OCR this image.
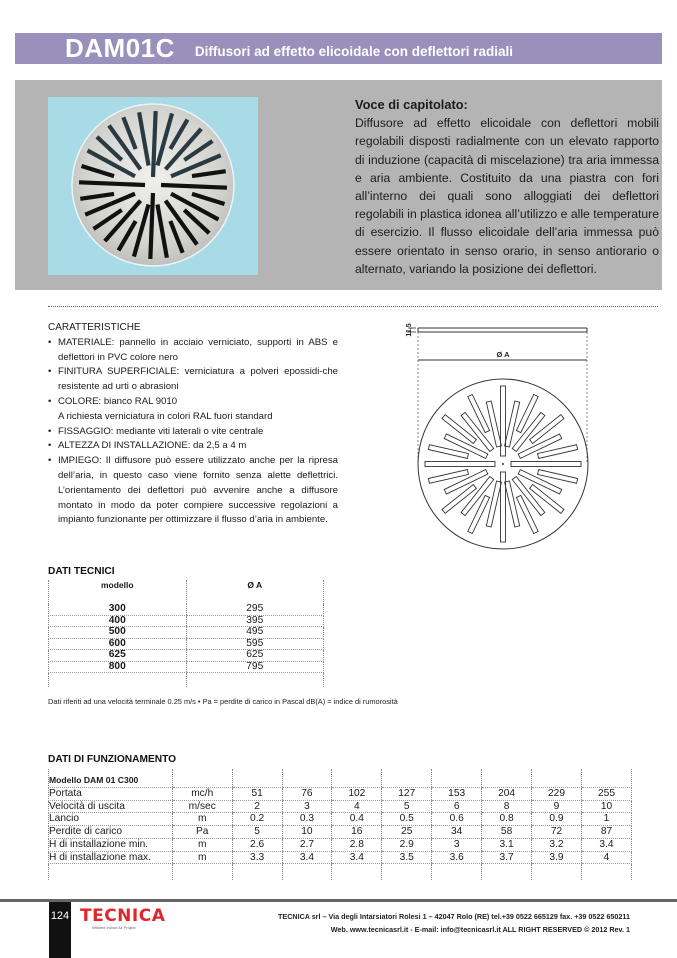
DAM01C Diffusori ad effetto elicoidale con deflettori radiali
Voce di capitolato:
Diffusore ad effetto elicoidale con deflettori mobili regolabili disposti radialmente con un elevato rapporto di induzione (capacità di miscelazione) tra aria immessa e aria ambiente. Costituito da una piastra con fori all’interno dei quali sono alloggiati dei deflettori regolabili in plastica idonea all’utilizzo e alle temperature di esercizio. Il flusso elicoidale dell’aria immessa può essere orientato in senso orario, in senso antiorario o alternato, variando la posizione dei deflettori.
CARATTERISTICHE
• MATERIALE: pannello in acciaio verniciato, supporti in ABS e deflettori in PVC colore nero
• FINITURA SUPERFICIALE: verniciatura a polveri epossidi-che resistente ad urti o abrasioni
• COLORE: bianco RAL 9010
A richiesta verniciatura in colori RAL fuori standard
• FISSAGGIO: mediante viti laterali o vite centrale
• ALTEZZA DI INSTALLAZIONE: da 2,5 a 4 m
• IMPIEGO: Il diffusore può essere utilizzato anche per la ripresa dell’aria, in questo caso viene fornito senza alette deflettrici. L’orientamento dei deflettori può avvenire anche a diffusore montato in modo da poter compiere successive regolazioni a impianto funzionante per ottimizzare il flusso d’aria in ambiente.
11,5
Ø A
DATI TECNICI
modello	Ø A
300	295
400	395
500	495
600	595
625	625
800	795

Dati riferiti ad una velocità terminale 0.25 m/s • Pa = perdite di carico in Pascal dB(A) = indice di rumorosità
DATI DI FUNZIONAMENTO
Modello DAM 01 C300									
Portata	mc/h	51	76	102	127	153	204	229	255
Velocità di uscita	m/sec	2	3	4	5	6	8	9	10
Lancio	m	0.2	0.3	0.4	0.5	0.6	0.8	0.9	1
Perdite di carico	Pa	5	10	16	25	34	58	72	87
H di installazione min.	m	2.6	2.7	2.8	2.9	3	3.1	3.2	3.4
H di installazione max.	m	3.3	3.4	3.4	3.5	3.6	3.7	3.9	4

124 TECNICA
Efficient Indoor Air Project
TECNICA srl – Via degli Intarsiatori Rolesi 1 – 42047 Rolo (RE) tel.+39 0522 665129 fax. +39 0522 650211
Web. www.tecnicasrl.it - E-mail: info@tecnicasrl.it ALL RIGHT RESERVED © 2012 Rev. 1
